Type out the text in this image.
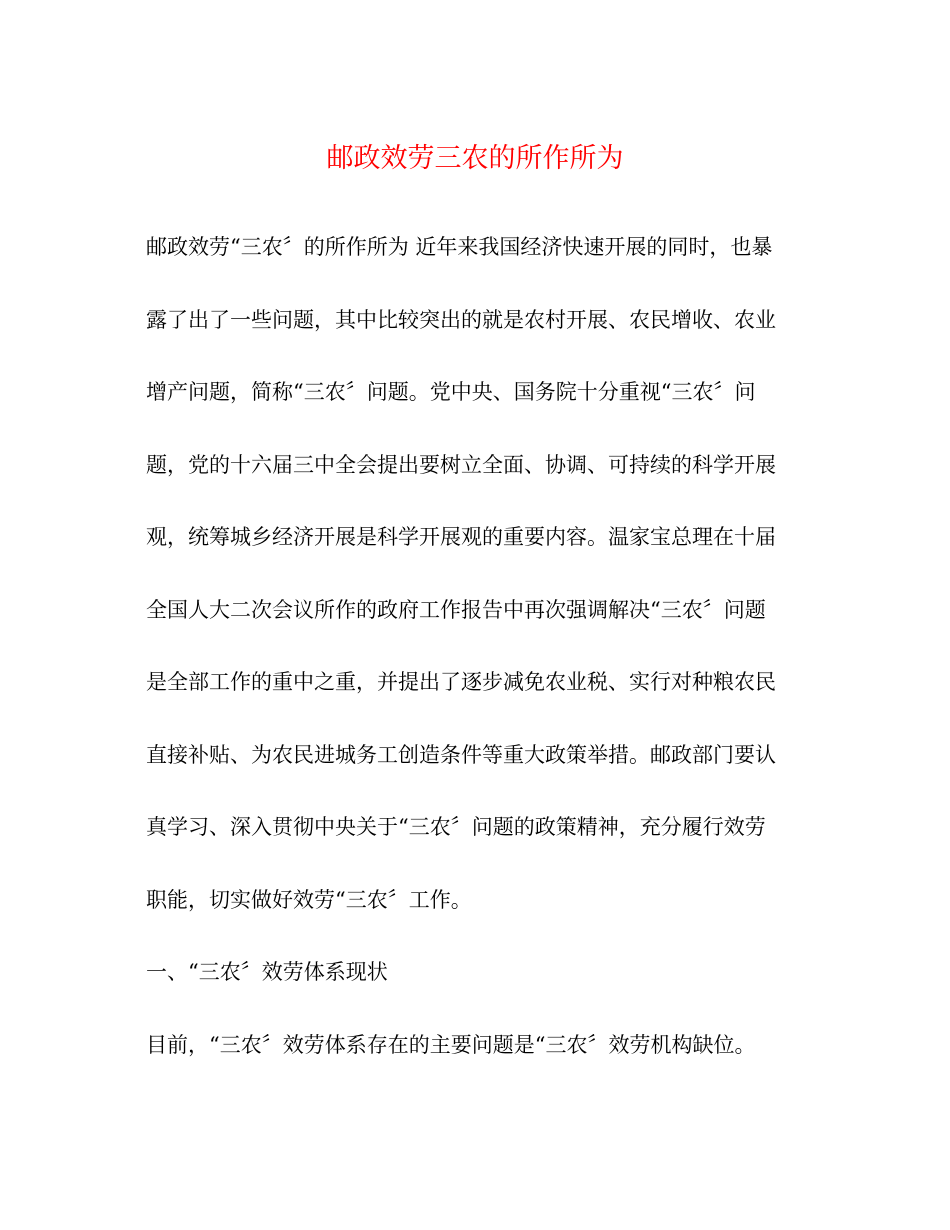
邮政效劳三农的所作所为
邮政效劳“三农〞的所作所为 近年来我国经济快速开展的同时，也暴
露了出了一些问题，其中比较突出的就是农村开展、农民增收、农业
增产问题，简称“三农〞问题。党中央、国务院十分重视“三农〞问
题，党的十六届三中全会提出要树立全面、协调、可持续的科学开展
观，统筹城乡经济开展是科学开展观的重要内容。温家宝总理在十届
全国人大二次会议所作的政府工作报告中再次强调解决“三农〞问题
是全部工作的重中之重，并提出了逐步减免农业税、实行对种粮农民
直接补贴、为农民进城务工创造条件等重大政策举措。邮政部门要认
真学习、深入贯彻中央关于“三农〞问题的政策精神，充分履行效劳
职能，切实做好效劳“三农〞工作。
一、“三农〞效劳体系现状
目前，“三农〞效劳体系存在的主要问题是“三农〞效劳机构缺位。
